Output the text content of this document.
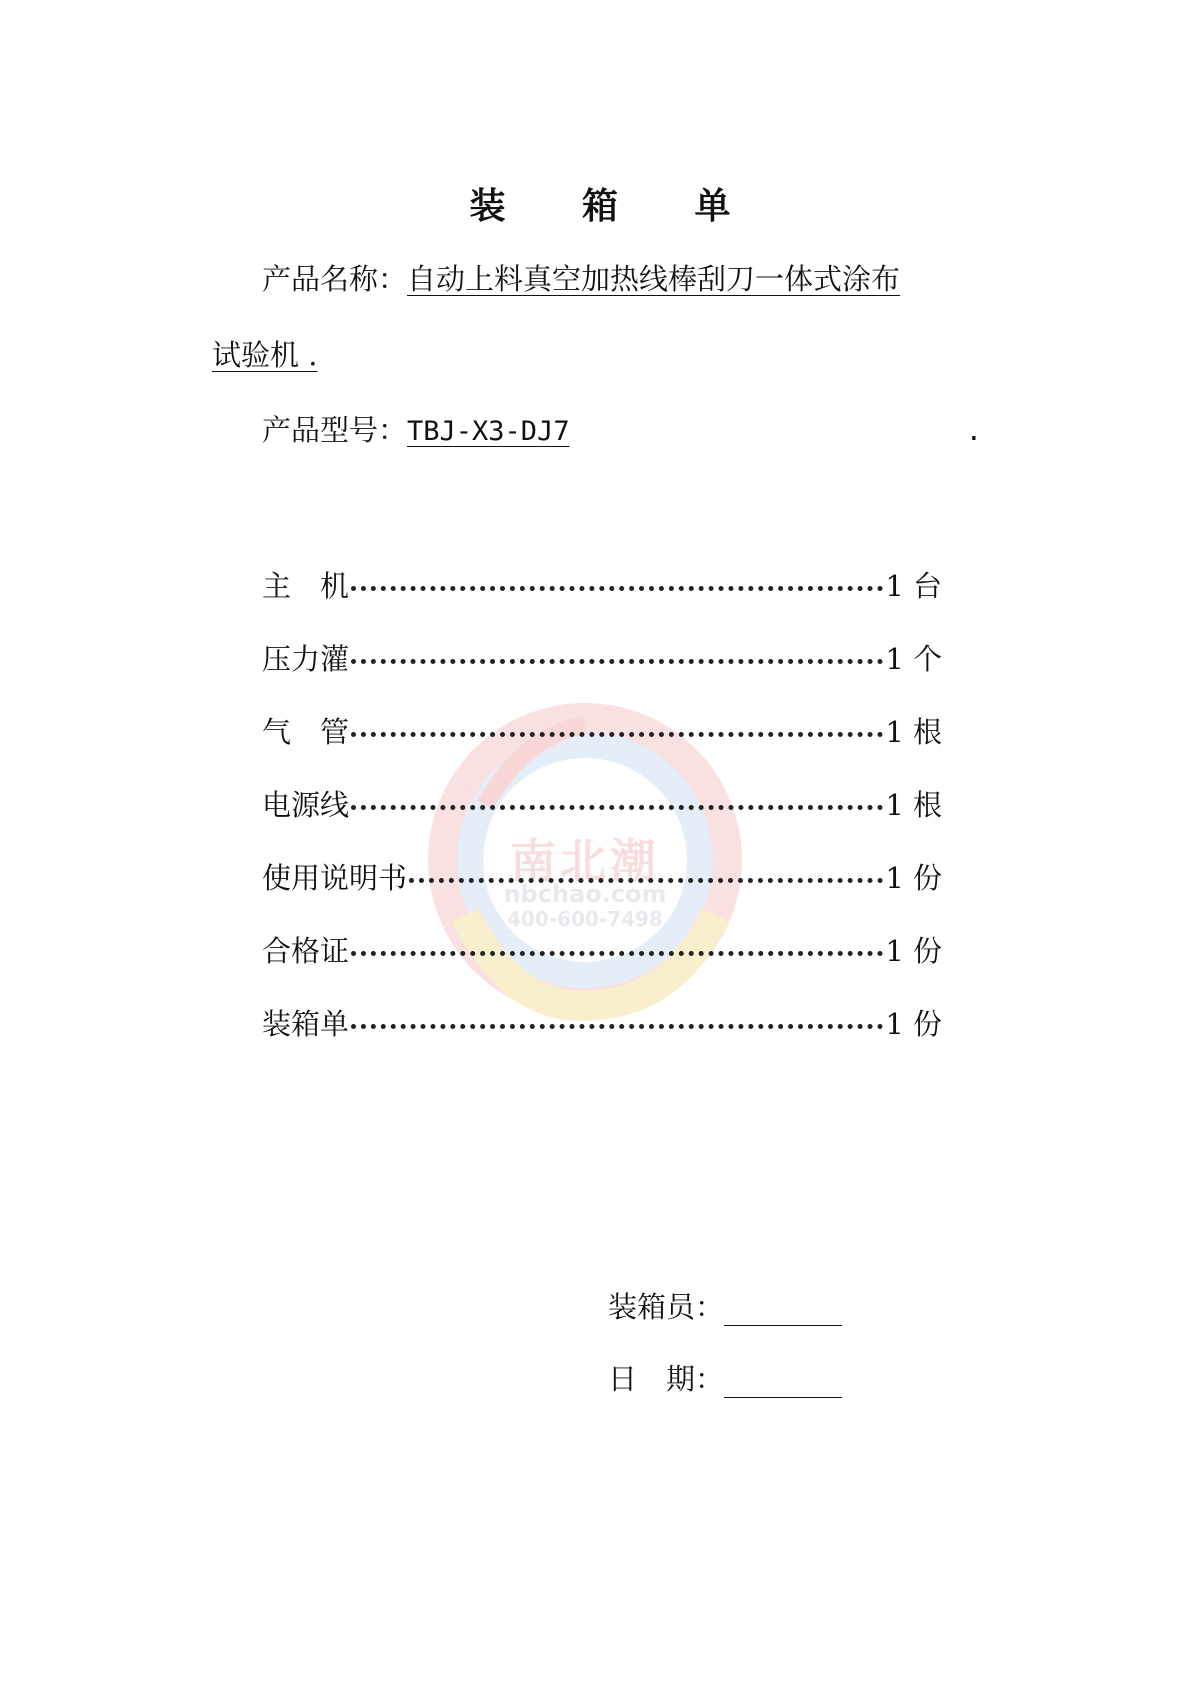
南北潮
nbchao.com
400-600-7498
装 箱 单
产品名称：自动上料真空加热线棒刮刀一体式涂布
试验机 .
产品型号：TBJ-X3-DJ7	.
主　机	1 台
压力灌	1 个
气　管	1 根
电源线	1 根
使用说明书	1 份
合格证	1 份
装箱单	1 份
装箱员：
日　期：
